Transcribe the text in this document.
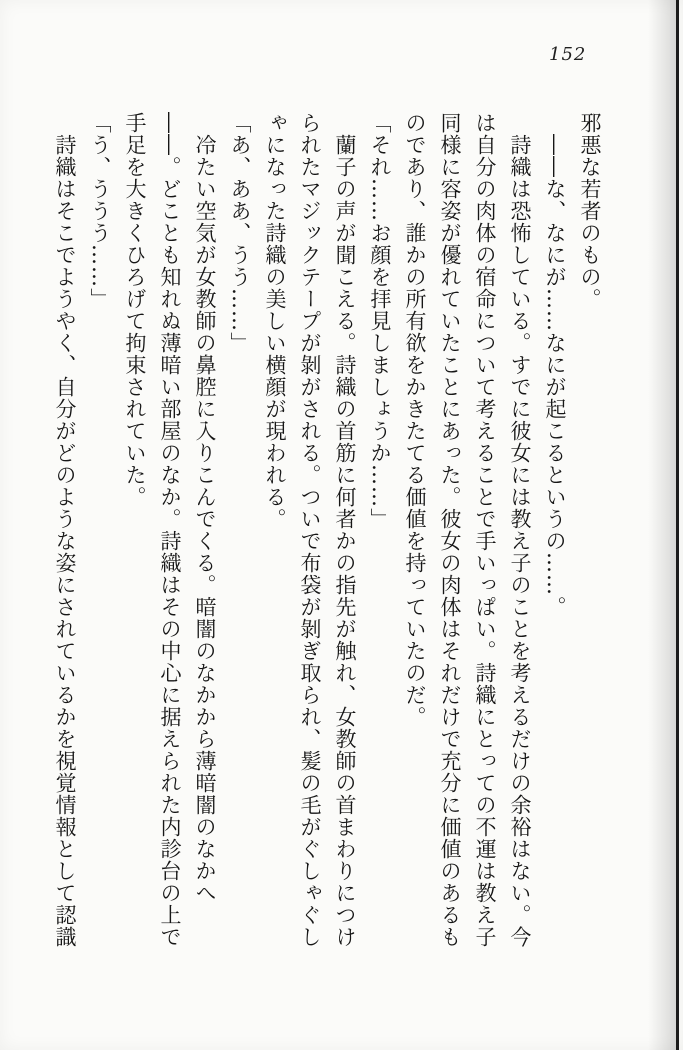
152

邪悪な若者のもの。

――な、なにが……なにが起こるというの……。

詩織は恐怖している。すでに彼女には教え子のことを考えるだけの余裕はない。今は自分の肉体の宿命について考えることで手いっぱい。詩織にとっての不運は教え子同様に容姿が優れていたことにあった。彼女の肉体はそれだけで充分に価値のあるものであり、誰かの所有欲をかきたてる価値を持っていたのだ。

「それ……お顔を拝見しましょうか……」

蘭子の声が聞こえる。詩織の首筋に何者かの指先が触れ、女教師の首まわりにつけられたマジックテープが剝がされる。ついで布袋が剝ぎ取られ、髪の毛がぐしゃぐしゃになった詩織の美しい横顔が現われる。

「あ、ああ、うう……」

冷たい空気が女教師の鼻腔に入りこんでくる。暗闇のなかから薄暗闇のなかへ――。どことも知れぬ薄暗い部屋のなか。詩織はその中心に据えられた内診台の上で手足を大きくひろげて拘束されていた。

「う、ううう……」

詩織はそこでようやく、自分がどのような姿にされているかを視覚情報として認識
